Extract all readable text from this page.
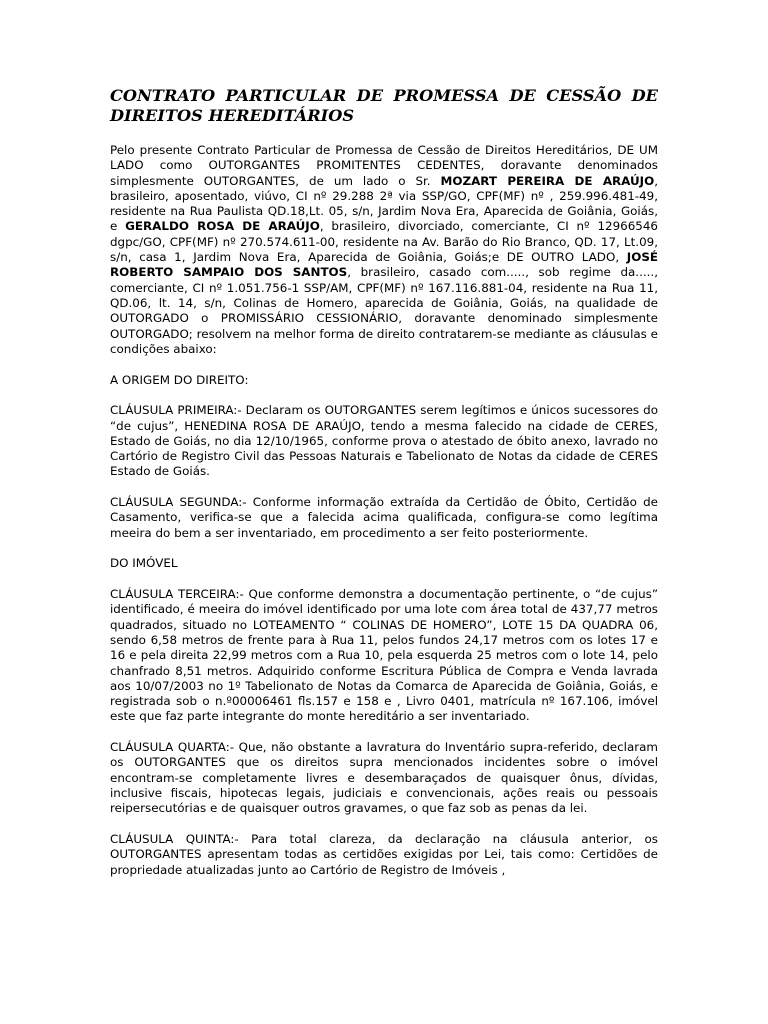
CONTRATO PARTICULAR DE PROMESSA DE CESSÃO DE DIREITOS HEREDITÁRIOS

Pelo presente Contrato Particular de Promessa de Cessão de Direitos Hereditários, DE UM LADO como OUTORGANTES PROMITENTES CEDENTES, doravante denominados simplesmente OUTORGANTES, de um lado o Sr. MOZART PEREIRA DE ARAÚJO, brasileiro, aposentado, viúvo, CI nº 29.288 2ª via SSP/GO, CPF(MF) nº , 259.996.481-49, residente na Rua Paulista QD.18,Lt. 05, s/n, Jardim Nova Era, Aparecida de Goiânia, Goiás, e GERALDO ROSA DE ARAÚJO, brasileiro, divorciado, comerciante, CI nº 12966546 dgpc/GO, CPF(MF) nº 270.574.611-00, residente na Av. Barão do Rio Branco, QD. 17, Lt.09, s/n, casa 1, Jardim Nova Era, Aparecida de Goiânia, Goiás;e DE OUTRO LADO, JOSÉ ROBERTO SAMPAIO DOS SANTOS, brasileiro, casado com....., sob regime da....., comerciante, CI nº 1.051.756-1 SSP/AM, CPF(MF) nº 167.116.881-04, residente na Rua 11, QD.06, lt. 14, s/n, Colinas de Homero, aparecida de Goiânia, Goiás, na qualidade de OUTORGADO o PROMISSÁRIO CESSIONÁRIO, doravante denominado simplesmente OUTORGADO; resolvem na melhor forma de direito contratarem-se mediante as cláusulas e condições abaixo:

A ORIGEM DO DIREITO:

CLÁUSULA PRIMEIRA:- Declaram os OUTORGANTES serem legítimos e únicos sucessores do “de cujus”, HENEDINA ROSA DE ARAÚJO, tendo a mesma falecido na cidade de CERES, Estado de Goiás, no dia 12/10/1965, conforme prova o atestado de óbito anexo, lavrado no Cartório de Registro Civil das Pessoas Naturais e Tabelionato de Notas da cidade de CERES Estado de Goiás.

CLÁUSULA SEGUNDA:- Conforme informação extraída da Certidão de Óbito, Certidão de Casamento, verifica-se que a falecida acima qualificada, configura-se como legítima meeira do bem a ser inventariado, em procedimento a ser feito posteriormente.

DO IMÓVEL

CLÁUSULA TERCEIRA:- Que conforme demonstra a documentação pertinente, o “de cujus” identificado, é meeira do imóvel identificado por uma lote com área total de 437,77 metros quadrados, situado no LOTEAMENTO “ COLINAS DE HOMERO”, LOTE 15 DA QUADRA 06, sendo 6,58 metros de frente para à Rua 11, pelos fundos 24,17 metros com os lotes 17 e 16 e pela direita 22,99 metros com a Rua 10, pela esquerda 25 metros com o lote 14, pelo chanfrado 8,51 metros. Adquirido conforme Escritura Pública de Compra e Venda lavrada aos 10/07/2003 no 1º Tabelionato de Notas da Comarca de Aparecida de Goiânia, Goiás, e registrada sob o n.º00006461 fls.157 e 158 e , Livro 0401, matrícula nº 167.106, imóvel este que faz parte integrante do monte hereditário a ser inventariado.

CLÁUSULA QUARTA:- Que, não obstante a lavratura do Inventário supra-referido, declaram os OUTORGANTES que os direitos supra mencionados incidentes sobre o imóvel encontram-se completamente livres e desembaraçados de quaisquer ônus, dívidas, inclusive fiscais, hipotecas legais, judiciais e convencionais, ações reais ou pessoais reipersecutórias e de quaisquer outros gravames, o que faz sob as penas da lei.

CLÁUSULA QUINTA:- Para total clareza, da declaração na cláusula anterior, os OUTORGANTES apresentam todas as certidões exigidas por Lei, tais como: Certidões de propriedade atualizadas junto ao Cartório de Registro de Imóveis ,
